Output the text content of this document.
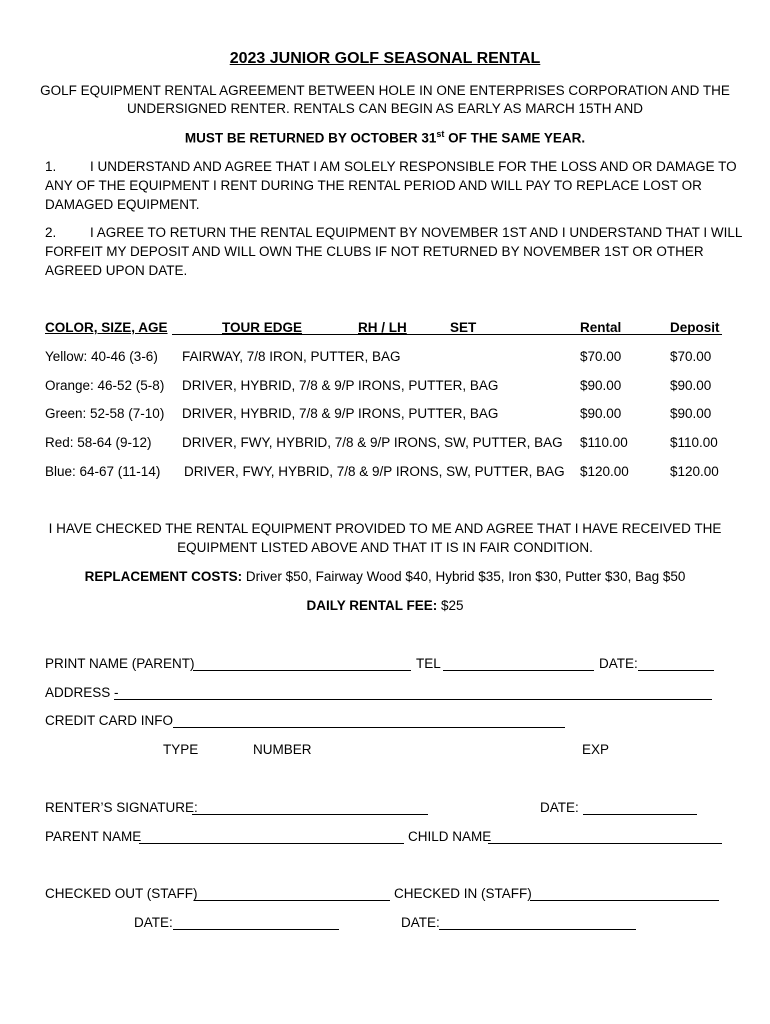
2023 JUNIOR GOLF SEASONAL RENTAL
GOLF EQUIPMENT RENTAL AGREEMENT BETWEEN HOLE IN ONE ENTERPRISES CORPORATION AND THE
UNDERSIGNED RENTER. RENTALS CAN BEGIN AS EARLY AS MARCH 15TH AND
MUST BE RETURNED BY OCTOBER 31st OF THE SAME YEAR.
1. I UNDERSTAND AND AGREE THAT I AM SOLELY RESPONSIBLE FOR THE LOSS AND OR DAMAGE TO
ANY OF THE EQUIPMENT I RENT DURING THE RENTAL PERIOD AND WILL PAY TO REPLACE LOST OR
DAMAGED EQUIPMENT.
2. I AGREE TO RETURN THE RENTAL EQUIPMENT BY NOVEMBER 1ST AND I UNDERSTAND THAT I WILL
FORFEIT MY DEPOSIT AND WILL OWN THE CLUBS IF NOT RETURNED BY NOVEMBER 1ST OR OTHER
AGREED UPON DATE.
COLOR, SIZE, AGE	TOUR EDGE	RH / LH	SET	Rental	Deposit
Yellow: 40-46 (3-6) FAIRWAY, 7/8 IRON, PUTTER, BAG	$70.00	$70.00
Orange: 46-52 (5-8) DRIVER, HYBRID, 7/8 & 9/P IRONS, PUTTER, BAG	$90.00	$90.00
Green: 52-58 (7-10) DRIVER, HYBRID, 7/8 & 9/P IRONS, PUTTER, BAG	$90.00	$90.00
Red: 58-64 (9-12) DRIVER, FWY, HYBRID, 7/8 & 9/P IRONS, SW, PUTTER, BAG $110.00	$110.00
Blue: 64-67 (11-14) DRIVER, FWY, HYBRID, 7/8 & 9/P IRONS, SW, PUTTER, BAG $120.00	$120.00
I HAVE CHECKED THE RENTAL EQUIPMENT PROVIDED TO ME AND AGREE THAT I HAVE RECEIVED THE
EQUIPMENT LISTED ABOVE AND THAT IT IS IN FAIR CONDITION.
REPLACEMENT COSTS: Driver $50, Fairway Wood $40, Hybrid $35, Iron $30, Putter $30, Bag $50
DAILY RENTAL FEE: $25
PRINT NAME (PARENT)	TEL	DATE:
ADDRESS -
CREDIT CARD INFO
TYPE	NUMBER	EXP
RENTER’S SIGNATURE:	DATE:
PARENT NAME	CHILD NAME
CHECKED OUT (STAFF)	CHECKED IN (STAFF)
DATE:	DATE:
